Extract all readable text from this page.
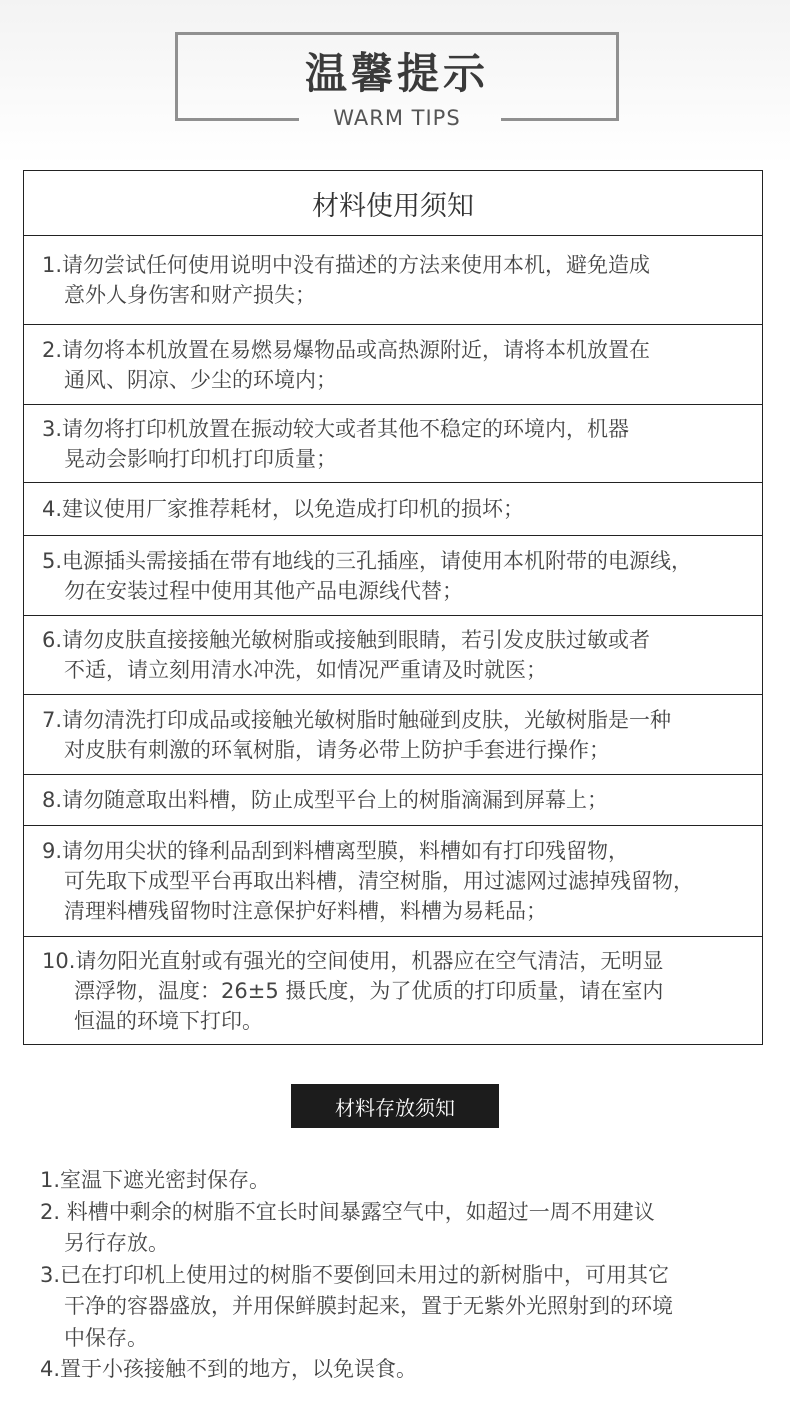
温馨提示
WARM TIPS
材料使用须知
1.请勿尝试任何使用说明中没有描述的方法来使用本机，避免造成
意外人身伤害和财产损失；
2.请勿将本机放置在易燃易爆物品或高热源附近，请将本机放置在
通风、阴凉、少尘的环境内；
3.请勿将打印机放置在振动较大或者其他不稳定的环境内，机器
晃动会影响打印机打印质量；
4.建议使用厂家推荐耗材，以免造成打印机的损坏；
5.电源插头需接插在带有地线的三孔插座，请使用本机附带的电源线，
勿在安装过程中使用其他产品电源线代替；
6.请勿皮肤直接接触光敏树脂或接触到眼睛，若引发皮肤过敏或者
不适，请立刻用清水冲洗，如情况严重请及时就医；
7.请勿清洗打印成品或接触光敏树脂时触碰到皮肤，光敏树脂是一种
对皮肤有刺激的环氧树脂，请务必带上防护手套进行操作；
8.请勿随意取出料槽，防止成型平台上的树脂滴漏到屏幕上；
9.请勿用尖状的锋利品刮到料槽离型膜，料槽如有打印残留物，
可先取下成型平台再取出料槽，清空树脂，用过滤网过滤掉残留物，
清理料槽残留物时注意保护好料槽，料槽为易耗品；
10.请勿阳光直射或有强光的空间使用，机器应在空气清洁，无明显
漂浮物，温度：26±5 摄氏度，为了优质的打印质量，请在室内
恒温的环境下打印。
材料存放须知
1.室温下遮光密封保存。
2. 料槽中剩余的树脂不宜长时间暴露空气中，如超过一周不用建议
另行存放。
3.已在打印机上使用过的树脂不要倒回未用过的新树脂中，可用其它
干净的容器盛放，并用保鲜膜封起来，置于无紫外光照射到的环境
中保存。
4.置于小孩接触不到的地方，以免误食。
